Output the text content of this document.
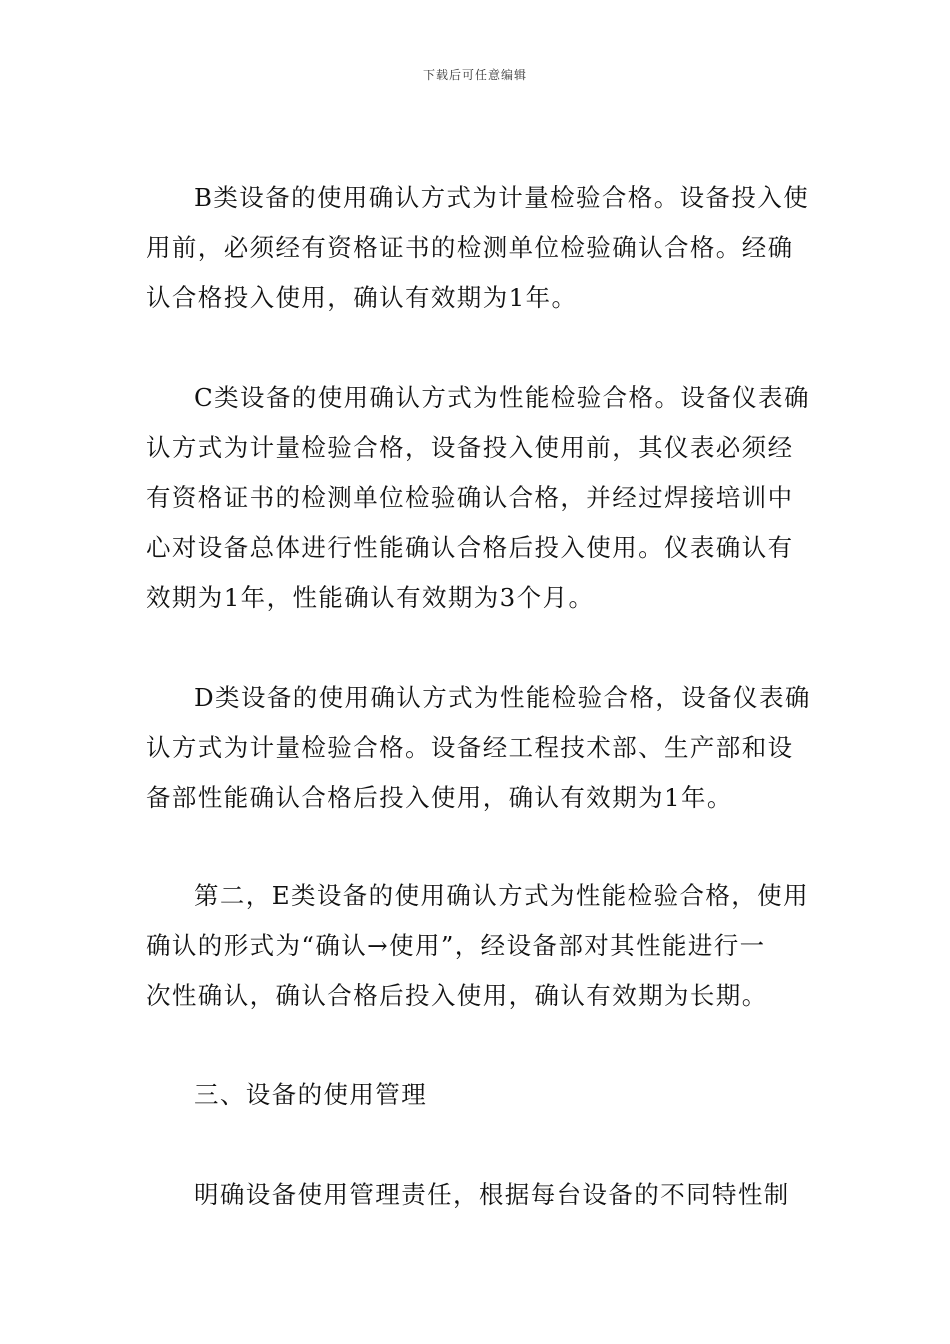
下载后可任意编辑
B类设备的使用确认方式为计量检验合格。设备投入使
用前，必须经有资格证书的检测单位检验确认合格。经确
认合格投入使用，确认有效期为1年。
C类设备的使用确认方式为性能检验合格。设备仪表确
认方式为计量检验合格，设备投入使用前，其仪表必须经
有资格证书的检测单位检验确认合格，并经过焊接培训中
心对设备总体进行性能确认合格后投入使用。仪表确认有
效期为1年，性能确认有效期为3个月。
D类设备的使用确认方式为性能检验合格，设备仪表确
认方式为计量检验合格。设备经工程技术部、生产部和设
备部性能确认合格后投入使用，确认有效期为1年。
第二，E类设备的使用确认方式为性能检验合格，使用
确认的形式为“确认→使用”，经设备部对其性能进行一
次性确认，确认合格后投入使用，确认有效期为长期。
三、设备的使用管理
明确设备使用管理责任，根据每台设备的不同特性制
